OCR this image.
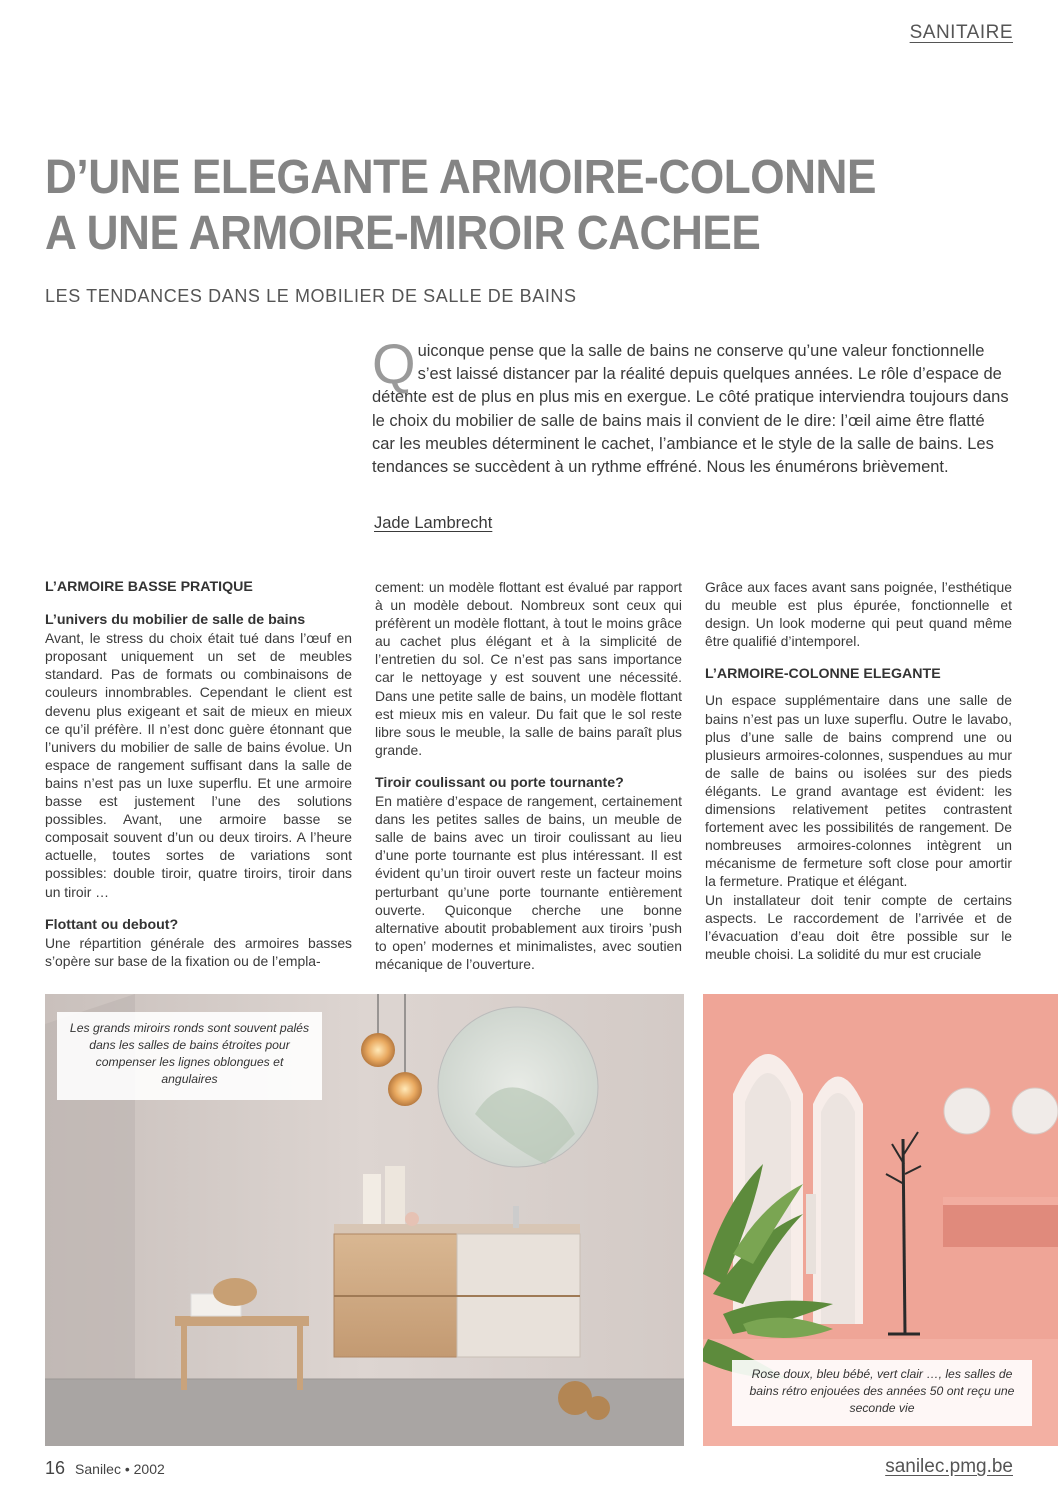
SANITAIRE
D’UNE ELEGANTE ARMOIRE-COLONNE
A UNE ARMOIRE-MIROIR CACHEE
LES TENDANCES DANS LE MOBILIER DE SALLE DE BAINS

Quiconque pense que la salle de bains ne conserve qu’une valeur fonctionnelle s’est laissé distancer par la réalité depuis quelques années. Le rôle d’espace de détente est de plus en plus mis en exergue. Le côté pratique interviendra toujours dans le choix du mobilier de salle de bains mais il convient de le dire: l’œil aime être flatté car les meubles déterminent le cachet, l’ambiance et le style de la salle de bains. Les tendances se succèdent à un rythme effréné. Nous les énumérons brièvement.

Jade Lambrecht
L’ARMOIRE BASSE PRATIQUE
L’univers du mobilier de salle de bains

Avant, le stress du choix était tué dans l’œuf en proposant uniquement un set de meubles standard. Pas de formats ou combinaisons de couleurs innombrables. Cependant le client est devenu plus exigeant et sait de mieux en mieux ce qu’il préfère. Il n’est donc guère étonnant que l’univers du mobilier de salle de bains évolue. Un espace de rangement suffisant dans la salle de bains n’est pas un luxe superflu. Et une armoire basse est justement l’une des solutions possibles. Avant, une armoire basse se composait souvent d’un ou deux tiroirs. A l’heure actuelle, toutes sortes de variations sont possibles: double tiroir, quatre tiroirs, tiroir dans un tiroir …

Flottant ou debout?

Une répartition générale des armoires basses s’opère sur base de la fixation ou de l’empla-

cement: un modèle flottant est évalué par rapport à un modèle debout. Nombreux sont ceux qui préfèrent un modèle flottant, à tout le moins grâce au cachet plus élégant et à la simplicité de l’entretien du sol. Ce n’est pas sans importance car le nettoyage y est souvent une nécessité. Dans une petite salle de bains, un modèle flottant est mieux mis en valeur. Du fait que le sol reste libre sous le meuble, la salle de bains paraît plus grande.

Tiroir coulissant ou porte tournante?

En matière d’espace de rangement, certainement dans les petites salles de bains, un meuble de salle de bains avec un tiroir coulissant au lieu d’une porte tournante est plus intéressant. Il est évident qu’un tiroir ouvert reste un facteur moins perturbant qu’une porte tournante entièrement ouverte. Quiconque cherche une bonne alternative aboutit probablement aux tiroirs ’push to open’ modernes et minimalistes, avec soutien mécanique de l’ouverture.

Grâce aux faces avant sans poignée, l’esthétique du meuble est plus épurée, fonctionnelle et design. Un look moderne qui peut quand même être qualifié d’intemporel.

L’ARMOIRE-COLONNE ELEGANTE

Un espace supplémentaire dans une salle de bains n’est pas un luxe superflu. Outre le lavabo, plus d’une salle de bains comprend une ou plusieurs armoires-colonnes, suspendues au mur de salle de bains ou isolées sur des pieds élégants. Le grand avantage est évident: les dimensions relativement petites contrastent fortement avec les possibilités de rangement. De nombreuses armoires-colonnes intègrent un mécanisme de fermeture soft close pour amortir la fermeture. Pratique et élégant.

Un installateur doit tenir compte de certains aspects. Le raccordement de l’arrivée et de l’évacuation d’eau doit être possible sur le meuble choisi. La solidité du mur est cruciale

Les grands miroirs ronds sont souvent palés dans les salles de bains étroites pour compenser les lignes oblongues et angulaires
Rose doux, bleu bébé, vert clair …, les salles de bains rétro enjouées des années 50 ont reçu une seconde vie
16 Sanilec • 2002	sanilec.pmg.be
